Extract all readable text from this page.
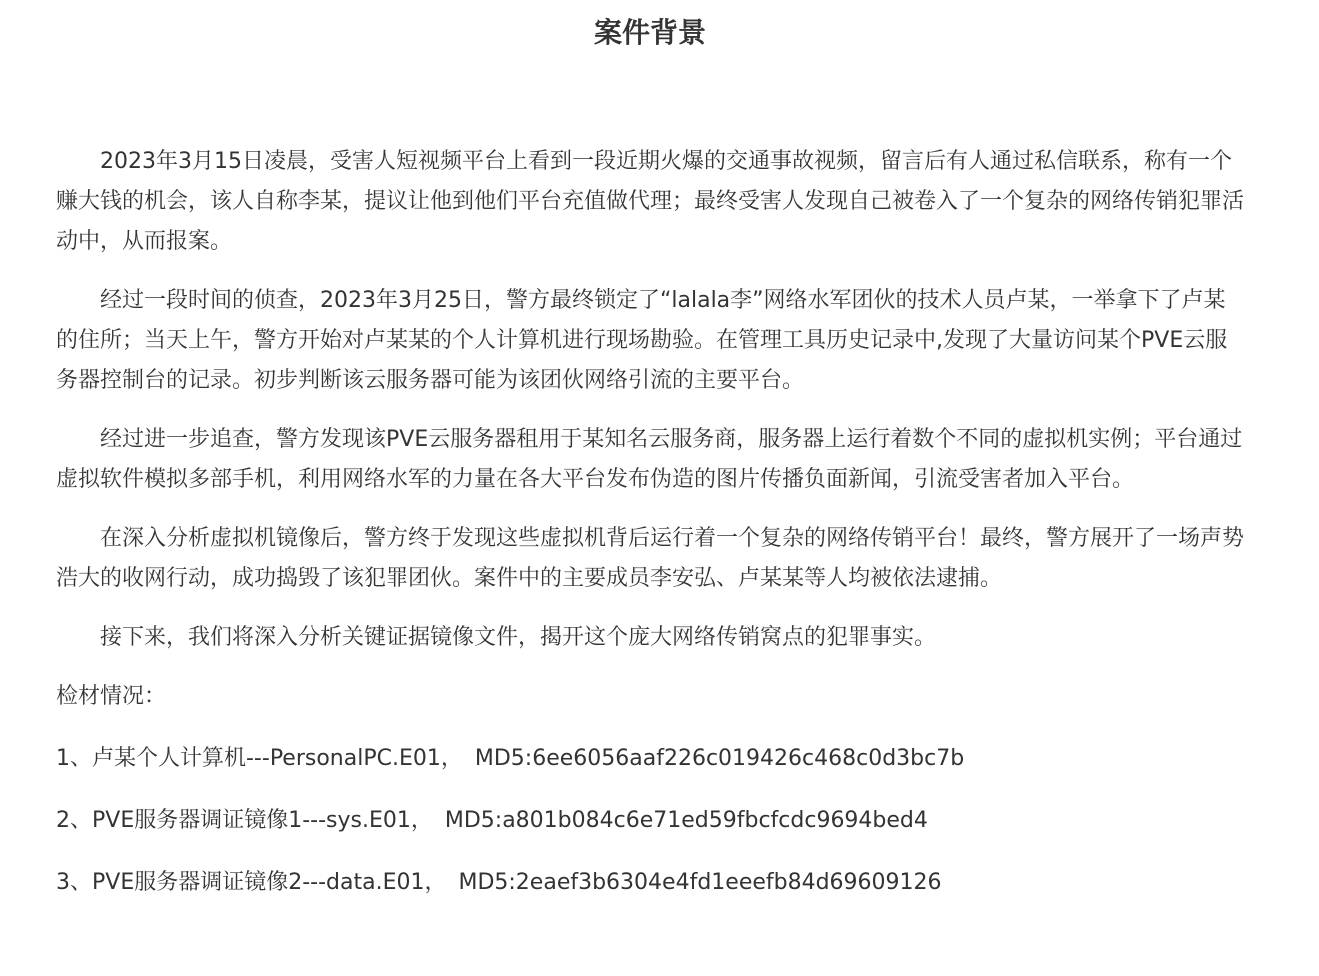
案件背景

2023年3月15日凌晨，受害人短视频平台上看到一段近期火爆的交通事故视频，留言后有人通过私信联系，称有一个赚大钱的机会，该人自称李某，提议让他到他们平台充值做代理；最终受害人发现自己被卷入了一个复杂的网络传销犯罪活动中，从而报案。

经过一段时间的侦查，2023年3月25日，警方最终锁定了“lalala李”网络水军团伙的技术人员卢某，一举拿下了卢某的住所；当天上午，警方开始对卢某某的个人计算机进行现场勘验。在管理工具历史记录中,发现了大量访问某个PVE云服务器控制台的记录。初步判断该云服务器可能为该团伙网络引流的主要平台。

经过进一步追查，警方发现该PVE云服务器租用于某知名云服务商，服务器上运行着数个不同的虚拟机实例；平台通过虚拟软件模拟多部手机，利用网络水军的力量在各大平台发布伪造的图片传播负面新闻，引流受害者加入平台。

在深入分析虚拟机镜像后，警方终于发现这些虚拟机背后运行着一个复杂的网络传销平台！最终，警方展开了一场声势浩大的收网行动，成功捣毁了该犯罪团伙。案件中的主要成员李安弘、卢某某等人均被依法逮捕。

接下来，我们将深入分析关键证据镜像文件，揭开这个庞大网络传销窝点的犯罪事实。

检材情况：

1、卢某个人计算机---PersonalPC.E01， MD5:6ee6056aaf226c019426c468c0d3bc7b
2、PVE服务器调证镜像1---sys.E01， MD5:a801b084c6e71ed59fbcfcdc9694bed4
3、PVE服务器调证镜像2---data.E01， MD5:2eaef3b6304e4fd1eeefb84d69609126
